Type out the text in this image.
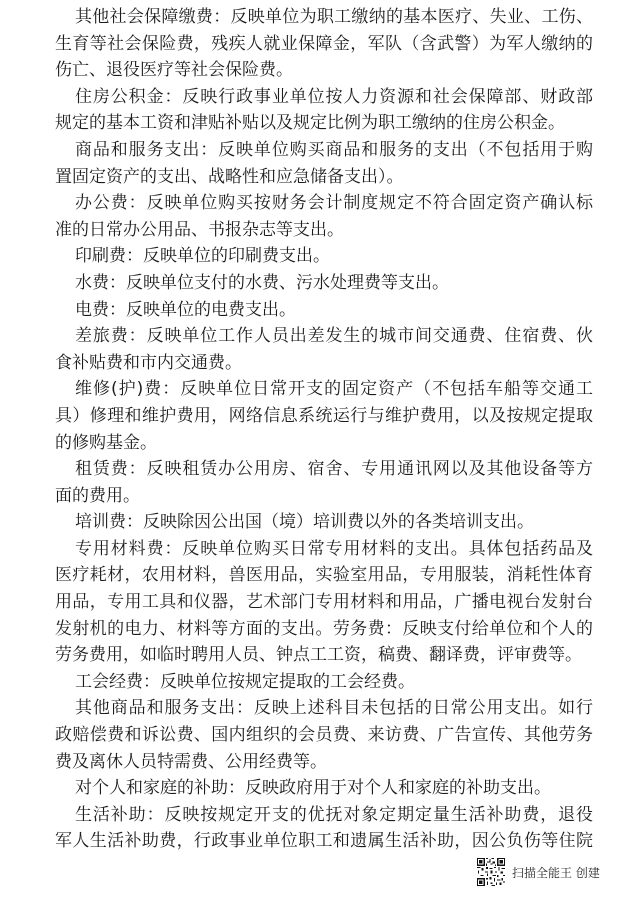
其他社会保障缴费：反映单位为职工缴纳的基本医疗、失业、工伤、
生育等社会保险费，残疾人就业保障金，军队（含武警）为军人缴纳的
伤亡、退役医疗等社会保险费。
住房公积金：反映行政事业单位按人力资源和社会保障部、财政部
规定的基本工资和津贴补贴以及规定比例为职工缴纳的住房公积金。
商品和服务支出：反映单位购买商品和服务的支出（不包括用于购
置固定资产的支出、战略性和应急储备支出）。
办公费：反映单位购买按财务会计制度规定不符合固定资产确认标
准的日常办公用品、书报杂志等支出。
印刷费：反映单位的印刷费支出。
水费：反映单位支付的水费、污水处理费等支出。
电费：反映单位的电费支出。
差旅费：反映单位工作人员出差发生的城市间交通费、住宿费、伙
食补贴费和市内交通费。
维修(护)费：反映单位日常开支的固定资产（不包括车船等交通工
具）修理和维护费用，网络信息系统运行与维护费用，以及按规定提取
的修购基金。
租赁费：反映租赁办公用房、宿舍、专用通讯网以及其他设备等方
面的费用。
培训费：反映除因公出国（境）培训费以外的各类培训支出。
专用材料费：反映单位购买日常专用材料的支出。具体包括药品及
医疗耗材，农用材料，兽医用品，实验室用品，专用服装，消耗性体育
用品，专用工具和仪器，艺术部门专用材料和用品，广播电视台发射台
发射机的电力、材料等方面的支出。劳务费：反映支付给单位和个人的
劳务费用，如临时聘用人员、钟点工工资，稿费、翻译费，评审费等。
工会经费：反映单位按规定提取的工会经费。
其他商品和服务支出：反映上述科目未包括的日常公用支出。如行
政赔偿费和诉讼费、国内组织的会员费、来访费、广告宣传、其他劳务
费及离休人员特需费、公用经费等。
对个人和家庭的补助：反映政府用于对个人和家庭的补助支出。
生活补助：反映按规定开支的优抚对象定期定量生活补助费，退役
军人生活补助费，行政事业单位职工和遗属生活补助，因公负伤等住院
扫描全能王 创建
